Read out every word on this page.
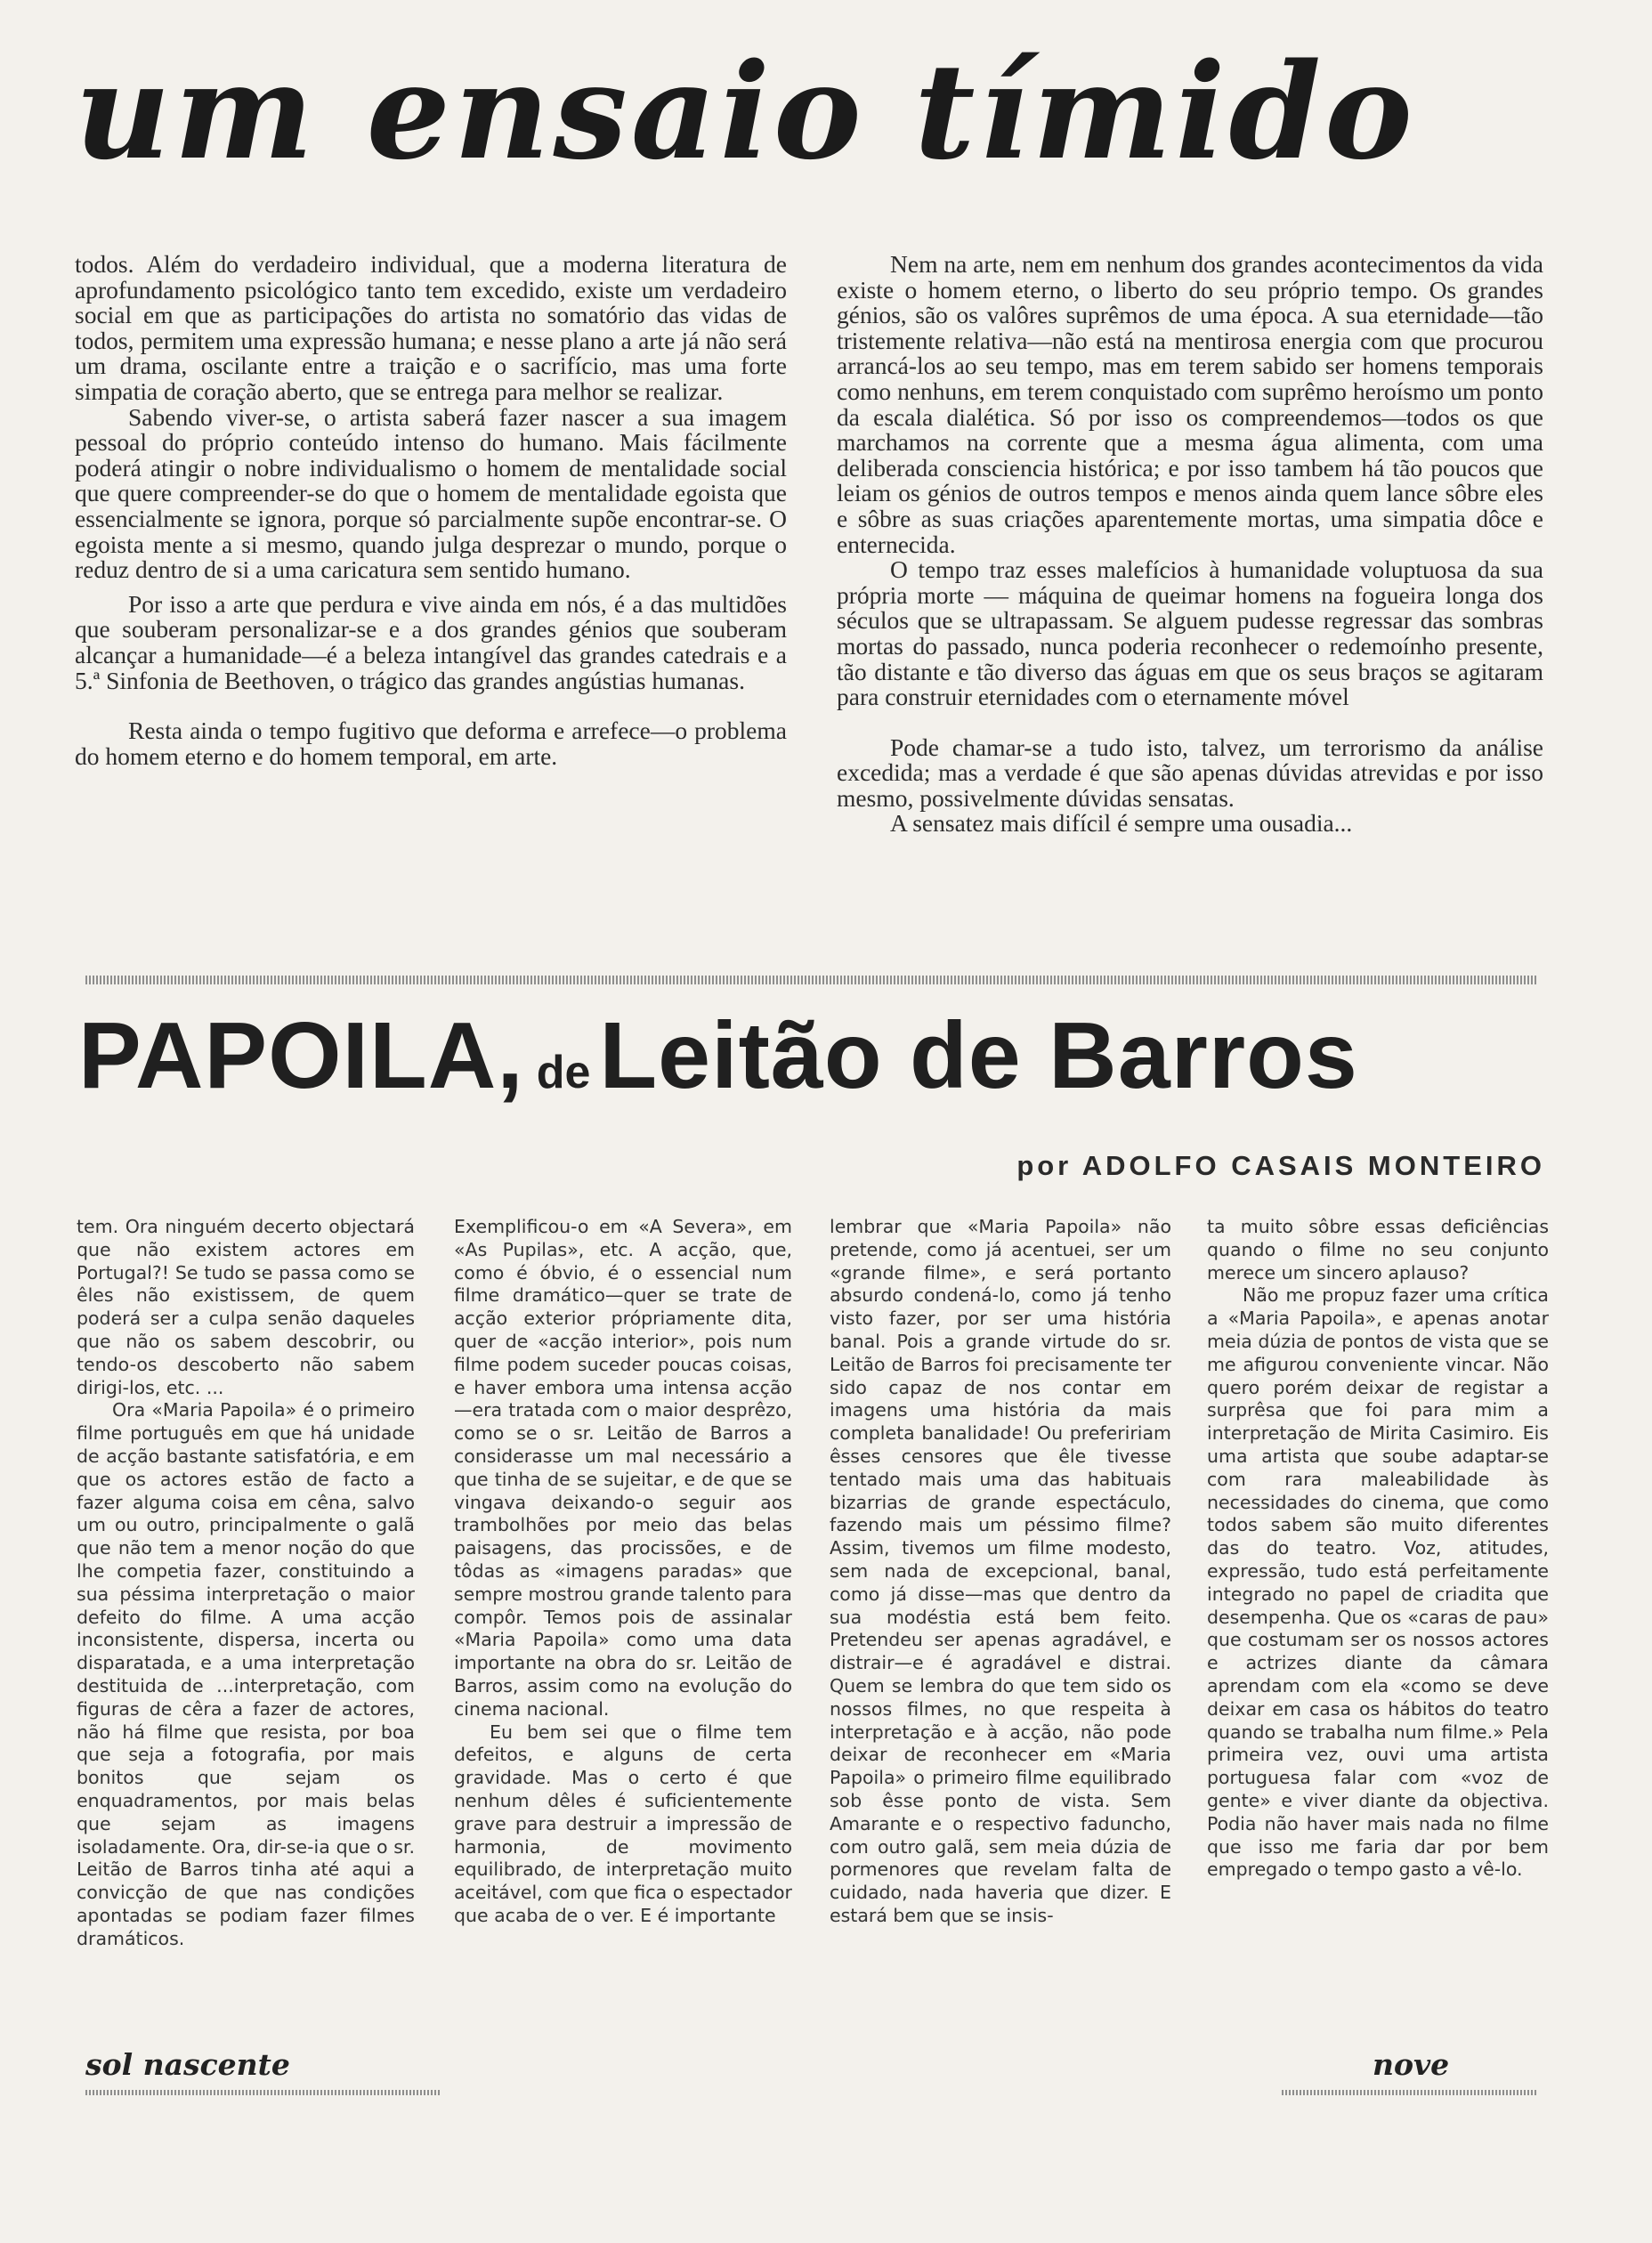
um ensaio tímido

todos. Além do verdadeiro individual, que a moderna literatura de aprofundamento psicológico tanto tem excedido, existe um verdadeiro social em que as participações do artista no somatório das vidas de todos, permitem uma expressão humana; e nesse plano a arte já não será um drama, oscilante entre a traição e o sacrifício, mas uma forte simpatia de coração aberto, que se entrega para melhor se realizar.

Sabendo viver-se, o artista saberá fazer nascer a sua imagem pessoal do próprio conteúdo intenso do humano. Mais fácilmente poderá atingir o nobre individualismo o homem de mentalidade social que quere compreender-se do que o homem de mentalidade egoista que essencialmente se ignora, porque só parcialmente supõe encontrar-se. O egoista mente a si mesmo, quando julga desprezar o mundo, porque o reduz dentro de si a uma caricatura sem sentido humano.

Por isso a arte que perdura e vive ainda em nós, é a das multidões que souberam personalizar-se e a dos grandes génios que souberam alcançar a humanidade—é a beleza intangível das grandes catedrais e a 5.ª Sinfonia de Beethoven, o trágico das grandes angústias humanas.

Resta ainda o tempo fugitivo que deforma e arrefece—o problema do homem eterno e do homem temporal, em arte.

Nem na arte, nem em nenhum dos grandes acontecimentos da vida existe o homem eterno, o liberto do seu próprio tempo. Os grandes génios, são os valôres suprêmos de uma época. A sua eternidade—tão tristemente relativa—não está na mentirosa energia com que procurou arrancá-los ao seu tempo, mas em terem sabido ser homens temporais como nenhuns, em terem conquistado com suprêmo heroísmo um ponto da escala dialética. Só por isso os compreendemos—todos os que marchamos na corrente que a mesma água alimenta, com uma deliberada consciencia histórica; e por isso tambem há tão poucos que leiam os génios de outros tempos e menos ainda quem lance sôbre eles e sôbre as suas criações aparentemente mortas, uma simpatia dôce e enternecida.

O tempo traz esses malefícios à humanidade voluptuosa da sua própria morte — máquina de queimar homens na fogueira longa dos séculos que se ultrapassam. Se alguem pudesse regressar das sombras mortas do passado, nunca poderia reconhecer o redemoínho presente, tão distante e tão diverso das águas em que os seus braços se agitaram para construir eternidades com o eternamente móvel

Pode chamar-se a tudo isto, talvez, um terrorismo da análise excedida; mas a verdade é que são apenas dúvidas atrevidas e por isso mesmo, possivelmente dúvidas sensatas.

A sensatez mais difícil é sempre uma ousadia...

PAPOILA, deLeitão de Barros

por ADOLFO CASAIS MONTEIRO

tem. Ora ninguém decerto objectará que não existem actores em Portugal?! Se tudo se passa como se êles não existissem, de quem poderá ser a culpa senão daqueles que não os sabem descobrir, ou tendo-os descoberto não sabem dirigi-los, etc. ...

Ora «Maria Papoila» é o primeiro filme português em que há unidade de acção bastante satisfatória, e em que os actores estão de facto a fazer alguma coisa em cêna, salvo um ou outro, principalmente o galã que não tem a menor noção do que lhe competia fazer, constituindo a sua péssima interpretação o maior defeito do filme. A uma acção inconsistente, dispersa, incerta ou disparatada, e a uma interpretação destituida de ...interpretação, com figuras de cêra a fazer de actores, não há filme que resista, por boa que seja a fotografia, por mais bonitos que sejam os enquadramentos, por mais belas que sejam as imagens isoladamente. Ora, dir-se-ia que o sr. Leitão de Barros tinha até aqui a convicção de que nas condições apontadas se podiam fazer filmes dramáticos.

Exemplificou-o em «A Severa», em «As Pupilas», etc. A acção, que, como é óbvio, é o essencial num filme dramático—quer se trate de acção exterior própriamente dita, quer de «acção interior», pois num filme podem suceder poucas coisas, e haver embora uma intensa acção—era tratada com o maior desprêzo, como se o sr. Leitão de Barros a considerasse um mal necessário a que tinha de se sujeitar, e de que se vingava deixando-o seguir aos trambolhões por meio das belas paisagens, das procissões, e de tôdas as «imagens paradas» que sempre mostrou grande talento para compôr. Temos pois de assinalar «Maria Papoila» como uma data importante na obra do sr. Leitão de Barros, assim como na evolução do cinema nacional.

Eu bem sei que o filme tem defeitos, e alguns de certa gravidade. Mas o certo é que nenhum dêles é suficientemente grave para destruir a impressão de harmonia, de movimento equilibrado, de interpretação muito aceitável, com que fica o espectador que acaba de o ver. E é importante

lembrar que «Maria Papoila» não pretende, como já acentuei, ser um «grande filme», e será portanto absurdo condená-lo, como já tenho visto fazer, por ser uma história banal. Pois a grande virtude do sr. Leitão de Barros foi precisamente ter sido capaz de nos contar em imagens uma história da mais completa banalidade! Ou prefeririam êsses censores que êle tivesse tentado mais uma das habituais bizarrias de grande espectáculo, fazendo mais um péssimo filme? Assim, tivemos um filme modesto, sem nada de excepcional, banal, como já disse—mas que dentro da sua modéstia está bem feito. Pretendeu ser apenas agradável, e distrair—e é agradável e distrai. Quem se lembra do que tem sido os nossos filmes, no que respeita à interpretação e à acção, não pode deixar de reconhecer em «Maria Papoila» o primeiro filme equilibrado sob êsse ponto de vista. Sem Amarante e o respectivo fadunchо, com outro galã, sem meia dúzia de pormenores que revelam falta de cuidado, nada haveria que dizer. E estará bem que se insis-

ta muito sôbre essas deficiências quando o filme no seu conjunto merece um sincero aplauso?

Não me propuz fazer uma crítica a «Maria Papoila», e apenas anotar meia dúzia de pontos de vista que se me afigurou conveniente vincar. Não quero porém deixar de registar a surprêsa que foi para mim a interpretação de Mirita Casimiro. Eis uma artista que soube adaptar-se com rara maleabilidade às necessidades do cinema, que como todos sabem são muito diferentes das do teatro. Voz, atitudes, expressão, tudo está perfeitamente integrado no papel de criadita que desempenha. Que os «caras de pau» que costumam ser os nossos actores e actrizes diante da câmara aprendam com ela «como se deve deixar em casa os hábitos do teatro quando se trabalha num filme.» Pela primeira vez, ouvi uma artista portuguesa falar com «voz de gente» e viver diante da objectiva. Podia não haver mais nada no filme que isso me faria dar por bem empregado o tempo gasto a vê-lo.

sol nascente	nove
